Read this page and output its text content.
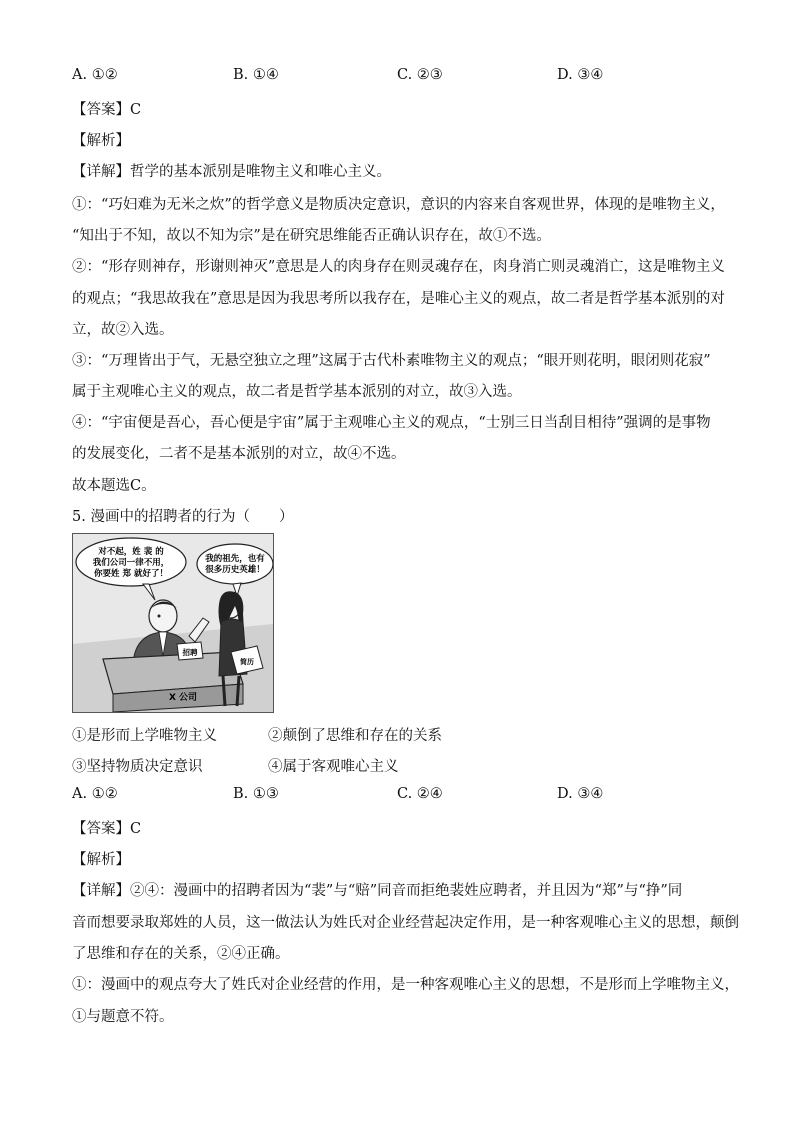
A. ①②	B. ①④	C. ②③	D. ③④
【答案】C
【解析】
【详解】哲学的基本派别是唯物主义和唯心主义。
①：“巧妇难为无米之炊”的哲学意义是物质决定意识，意识的内容来自客观世界，体现的是唯物主义，
“知出于不知，故以不知为宗”是在研究思维能否正确认识存在，故①不选。
②：“形存则神存，形谢则神灭”意思是人的肉身存在则灵魂存在，肉身消亡则灵魂消亡，这是唯物主义
的观点；“我思故我在”意思是因为我思考所以我存在，是唯心主义的观点，故二者是哲学基本派别的对
立，故②入选。
③：“万理皆出于气，无悬空独立之理”这属于古代朴素唯物主义的观点；“眼开则花明，眼闭则花寂”
属于主观唯心主义的观点，故二者是哲学基本派别的对立，故③入选。
④：“宇宙便是吾心，吾心便是宇宙”属于主观唯心主义的观点，“士别三日当刮目相待”强调的是事物
的发展变化，二者不是基本派别的对立，故④不选。
故本题选C。
5. 漫画中的招聘者的行为（　　）
对不起，姓 裴 的
我们公司一律不用，
你要姓 郑 就好了！
我的祖先，也有
很多历史英雄！
X 公司
招聘
简历
①是形而上学唯物主义	②颠倒了思维和存在的关系
③坚持物质决定意识	④属于客观唯心主义
A. ①②	B. ①③	C. ②④	D. ③④
【答案】C
【解析】
【详解】②④：漫画中的招聘者因为“裴”与“赔”同音而拒绝裴姓应聘者，并且因为“郑”与“挣”同
音而想要录取郑姓的人员，这一做法认为姓氏对企业经营起决定作用，是一种客观唯心主义的思想，颠倒
了思维和存在的关系，②④正确。
①：漫画中的观点夸大了姓氏对企业经营的作用，是一种客观唯心主义的思想，不是形而上学唯物主义，
①与题意不符。
